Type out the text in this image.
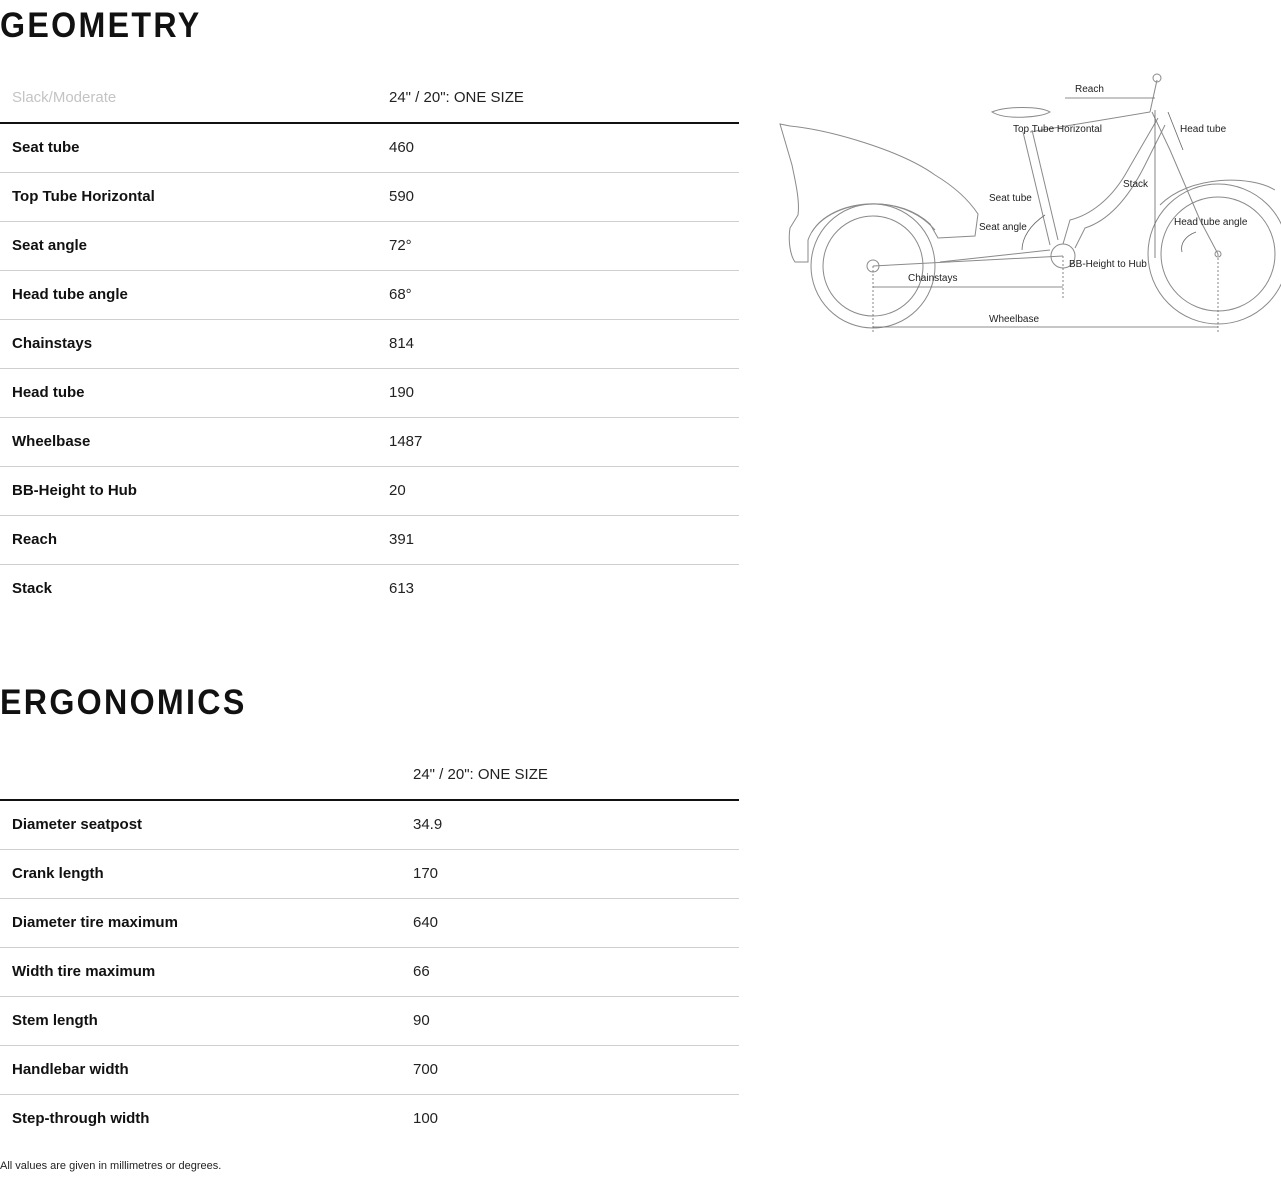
GEOMETRY
Slack/Moderate	24" / 20": ONE SIZE
Seat tube	460
Top Tube Horizontal	590
Seat angle	72°
Head tube angle	68°
Chainstays	814
Head tube	190
Wheelbase	1487
BB-Height to Hub	20
Reach	391
Stack	613
Reach
Top Tube Horizontal	Head tube
Stack
Seat tube
Seat angle	Head tube angle
BB-Height to Hub
Chainstays
Wheelbase
ERGONOMICS
	24" / 20": ONE SIZE
Diameter seatpost	34.9
Crank length	170
Diameter tire maximum	640
Width tire maximum	66
Stem length	90
Handlebar width	700
Step-through width	100
All values are given in millimetres or degrees.
